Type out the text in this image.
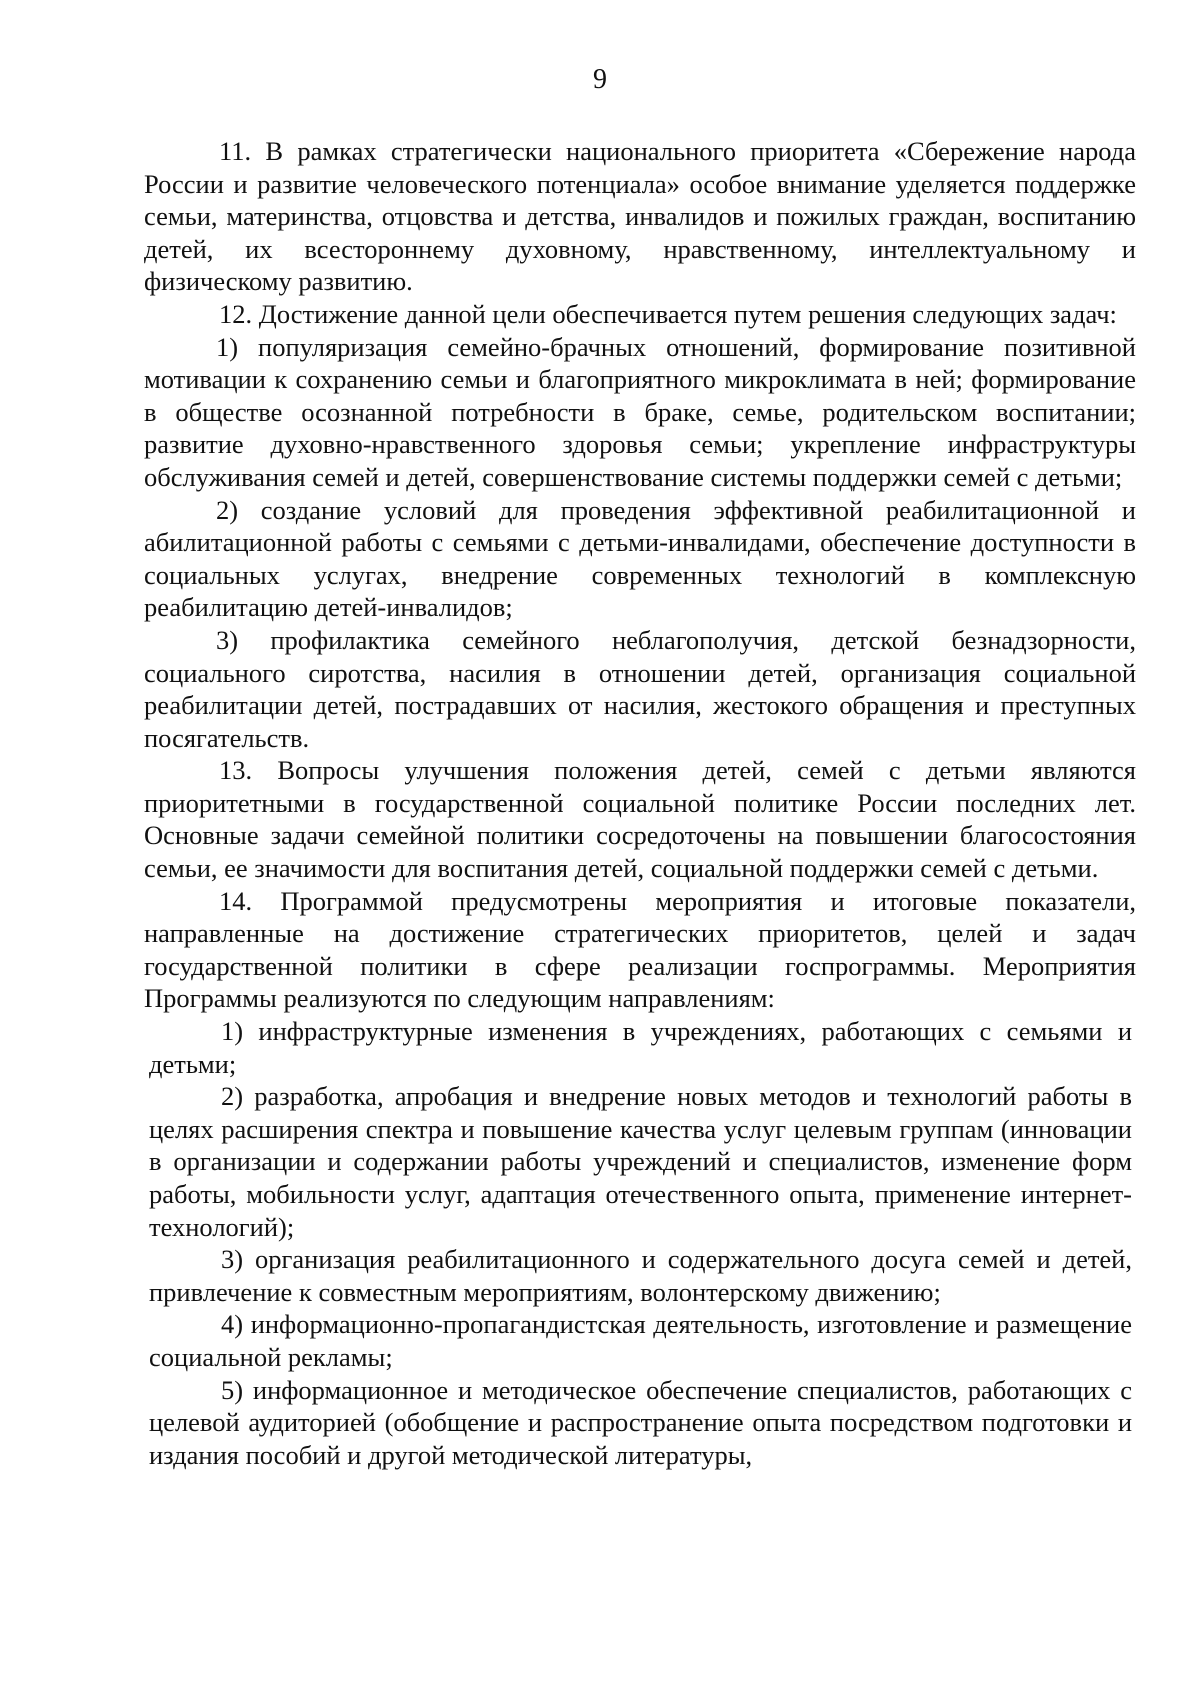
9

11. В рамках стратегически национального приоритета «Сбережение народа России и развитие человеческого потенциала» особое внимание уделяется поддержке семьи, материнства, отцовства и детства, инвалидов и пожилых граждан, воспитанию детей, их всестороннему духовному, нравственному, интеллектуальному и физическому развитию.

12. Достижение данной цели обеспечивается путем решения следующих задач:

1) популяризация семейно-брачных отношений, формирование позитивной мотивации к сохранению семьи и благоприятного микроклимата в ней; формирование в обществе осознанной потребности в браке, семье, родительском воспитании; развитие духовно-нравственного здоровья семьи; укрепление инфраструктуры обслуживания семей и детей, совершенствование системы поддержки семей с детьми;

2) создание условий для проведения эффективной реабилитационной и абилитационной работы с семьями с детьми-инвалидами, обеспечение доступности в социальных услугах, внедрение современных технологий в комплексную реабилитацию детей-инвалидов;

3) профилактика семейного неблагополучия, детской безнадзорности, социального сиротства, насилия в отношении детей, организация социальной реабилитации детей, пострадавших от насилия, жестокого обращения и преступных посягательств.

13. Вопросы улучшения положения детей, семей с детьми являются приоритетными в государственной социальной политике России последних лет. Основные задачи семейной политики сосредоточены на повышении благосостояния семьи, ее значимости для воспитания детей, социальной поддержки семей с детьми.

14. Программой предусмотрены мероприятия и итоговые показатели, направленные на достижение стратегических приоритетов, целей и задач государственной политики в сфере реализации госпрограммы. Мероприятия Программы реализуются по следующим направлениям:

1) инфраструктурные изменения в учреждениях, работающих с семьями и детьми;

2) разработка, апробация и внедрение новых методов и технологий работы в целях расширения спектра и повышение качества услуг целевым группам (инновации в организации и содержании работы учреждений и специалистов, изменение форм работы, мобильности услуг, адаптация отечественного опыта, применение интернет-технологий);

3) организация реабилитационного и содержательного досуга семей и детей, привлечение к совместным мероприятиям, волонтерскому движению;

4) информационно-пропагандистская деятельность, изготовление и размещение социальной рекламы;

5) информационное и методическое обеспечение специалистов, работающих с целевой аудиторией (обобщение и распространение опыта посредством подготовки и издания пособий и другой методической литературы,
